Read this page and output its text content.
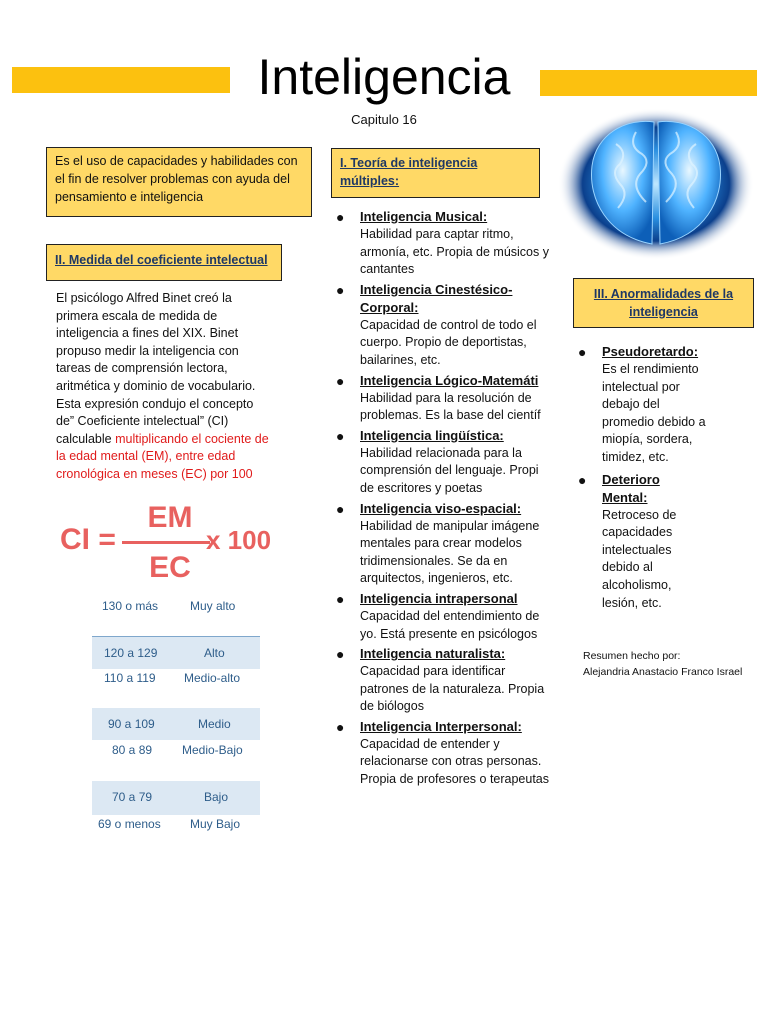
Inteligencia
Capitulo 16
Es el uso de capacidades y habilidades con el fin de resolver problemas con ayuda del pensamiento e inteligencia
II. Medida del coeficiente intelectual
El psicólogo Alfred Binet creó la primera escala de medida de inteligencia a fines del XIX. Binet propuso medir la inteligencia con tareas de comprensión lectora, aritmética y dominio de vocabulario. Esta expresión condujo el concepto de” Coeficiente intelectual” (CI) calculable multiplicando el cociente de la edad mental (EM), entre edad cronológica en meses (EC) por 100
CI =
EM
EC
x 100
130 o más	Muy alto
120 a 129	Alto
110 a 119 Medio-alto
90 a 109	Medio
80 a 89 Medio-Bajo
70 a 79	Bajo
69 o menos Muy Bajo
I. Teoría de inteligencia múltiples:
● Inteligencia Musical:
Habilidad para captar ritmo, armonía, etc. Propia de músicos y cantantes
● Inteligencia Cinestésico-Corporal:
Capacidad de control de todo el cuerpo. Propio de deportistas, bailarines, etc.
● Inteligencia Lógico-Matemáti
Habilidad para la resolución de problemas. Es la base del científ
● Inteligencia lingüística:
Habilidad relacionada para la comprensión del lenguaje. Propi de escritores y poetas
● Inteligencia viso-espacial:
Habilidad de manipular imágene mentales para crear modelos tridimensionales. Se da en arquitectos, ingenieros, etc.
● Inteligencia intrapersonal
Capacidad del entendimiento de yo. Está presente en psicólogos
● Inteligencia naturalista:
Capacidad para identificar patrones de la naturaleza. Propia de biólogos
● Inteligencia Interpersonal:
Capacidad de entender y relacionarse con otras personas. Propia de profesores o terapeutas
III. Anormalidades de la inteligencia
● Pseudoretardo:
Es el rendimiento intelectual por debajo del promedio debido a miopía, sordera, timidez, etc.
● Deterioro Mental:
Retroceso de capacidades intelectuales debido al alcoholismo, lesión, etc.
Resumen hecho por:
Alejandria Anastacio Franco Israel
